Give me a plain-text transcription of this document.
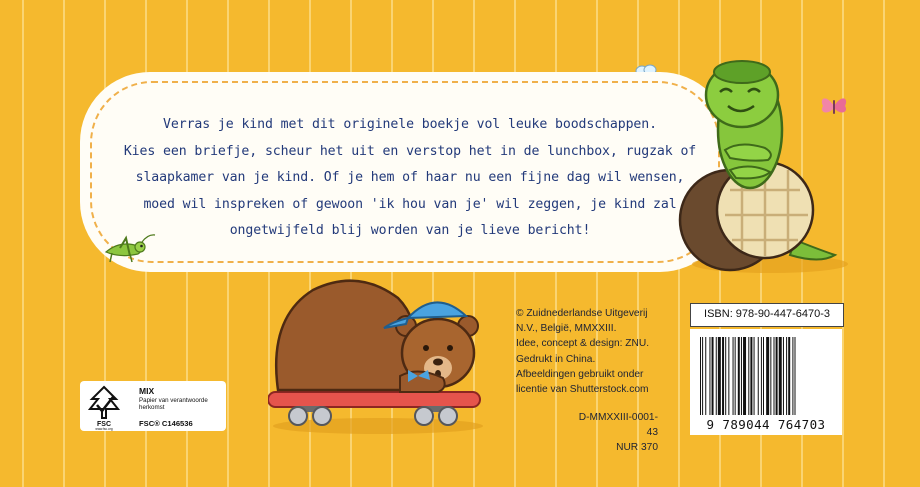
Verras je kind met dit originele boekje vol leuke boodschappen.
Kies een briefje, scheur het uit en verstop het in de lunchbox, rugzak of
slaapkamer van je kind. Of je hem of haar nu een fijne dag wil wensen,
moed wil inspreken of gewoon 'ik hou van je' wil zeggen, je kind zal
ongetwijfeld blij worden van je lieve bericht!
FSC
www.fsc.org
MIX
Papier van verantwoorde herkomst
FSC® C146536
© Zuidnederlandse Uitgeverij
N.V., België, MMXXIII.
Idee, concept & design: ZNU.
Gedrukt in China.
Afbeeldingen gebruikt onder
licentie van Shutterstock.com
D-MMXXIII-0001-43
NUR 370
ISBN: 978-90-447-6470-3
9 789044 764703
